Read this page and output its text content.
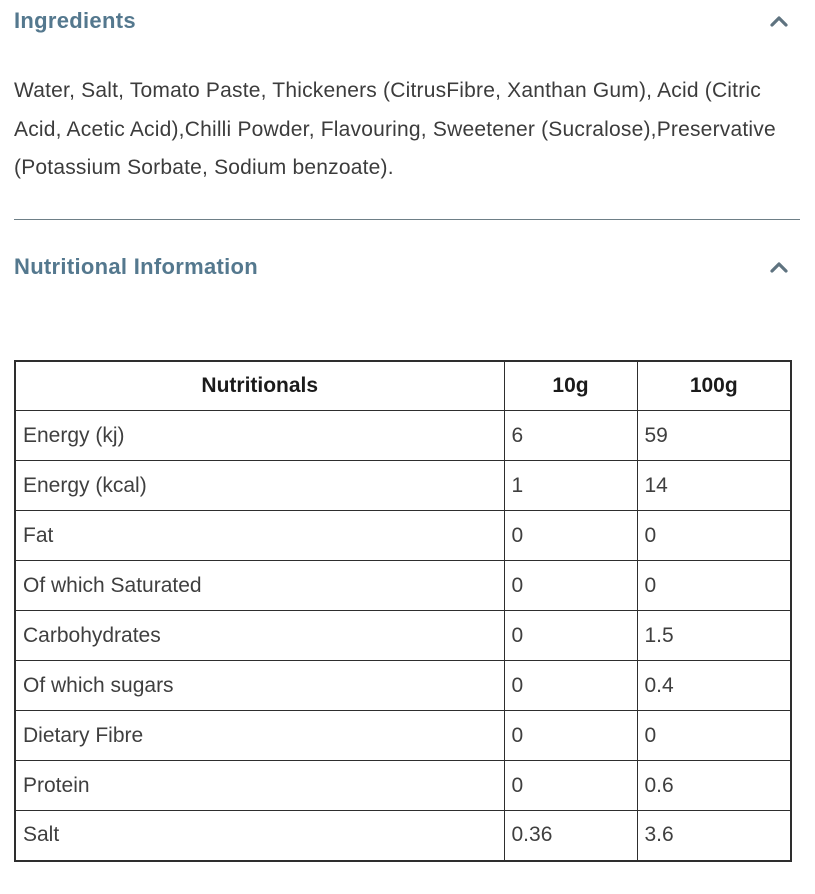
Ingredients

Water, Salt, Tomato Paste, Thickeners (CitrusFibre, Xanthan Gum), Acid (Citric Acid, Acetic Acid),Chilli Powder, Flavouring, Sweetener (Sucralose),Preservative (Potassium Sorbate, Sodium benzoate).

Nutritional Information
Nutritionals	10g	100g
Energy (kj)	6	59
Energy (kcal)	1	14
Fat	0	0
Of which Saturated	0	0
Carbohydrates	0	1.5
Of which sugars	0	0.4
Dietary Fibre	0	0
Protein	0	0.6
Salt	0.36	3.6
